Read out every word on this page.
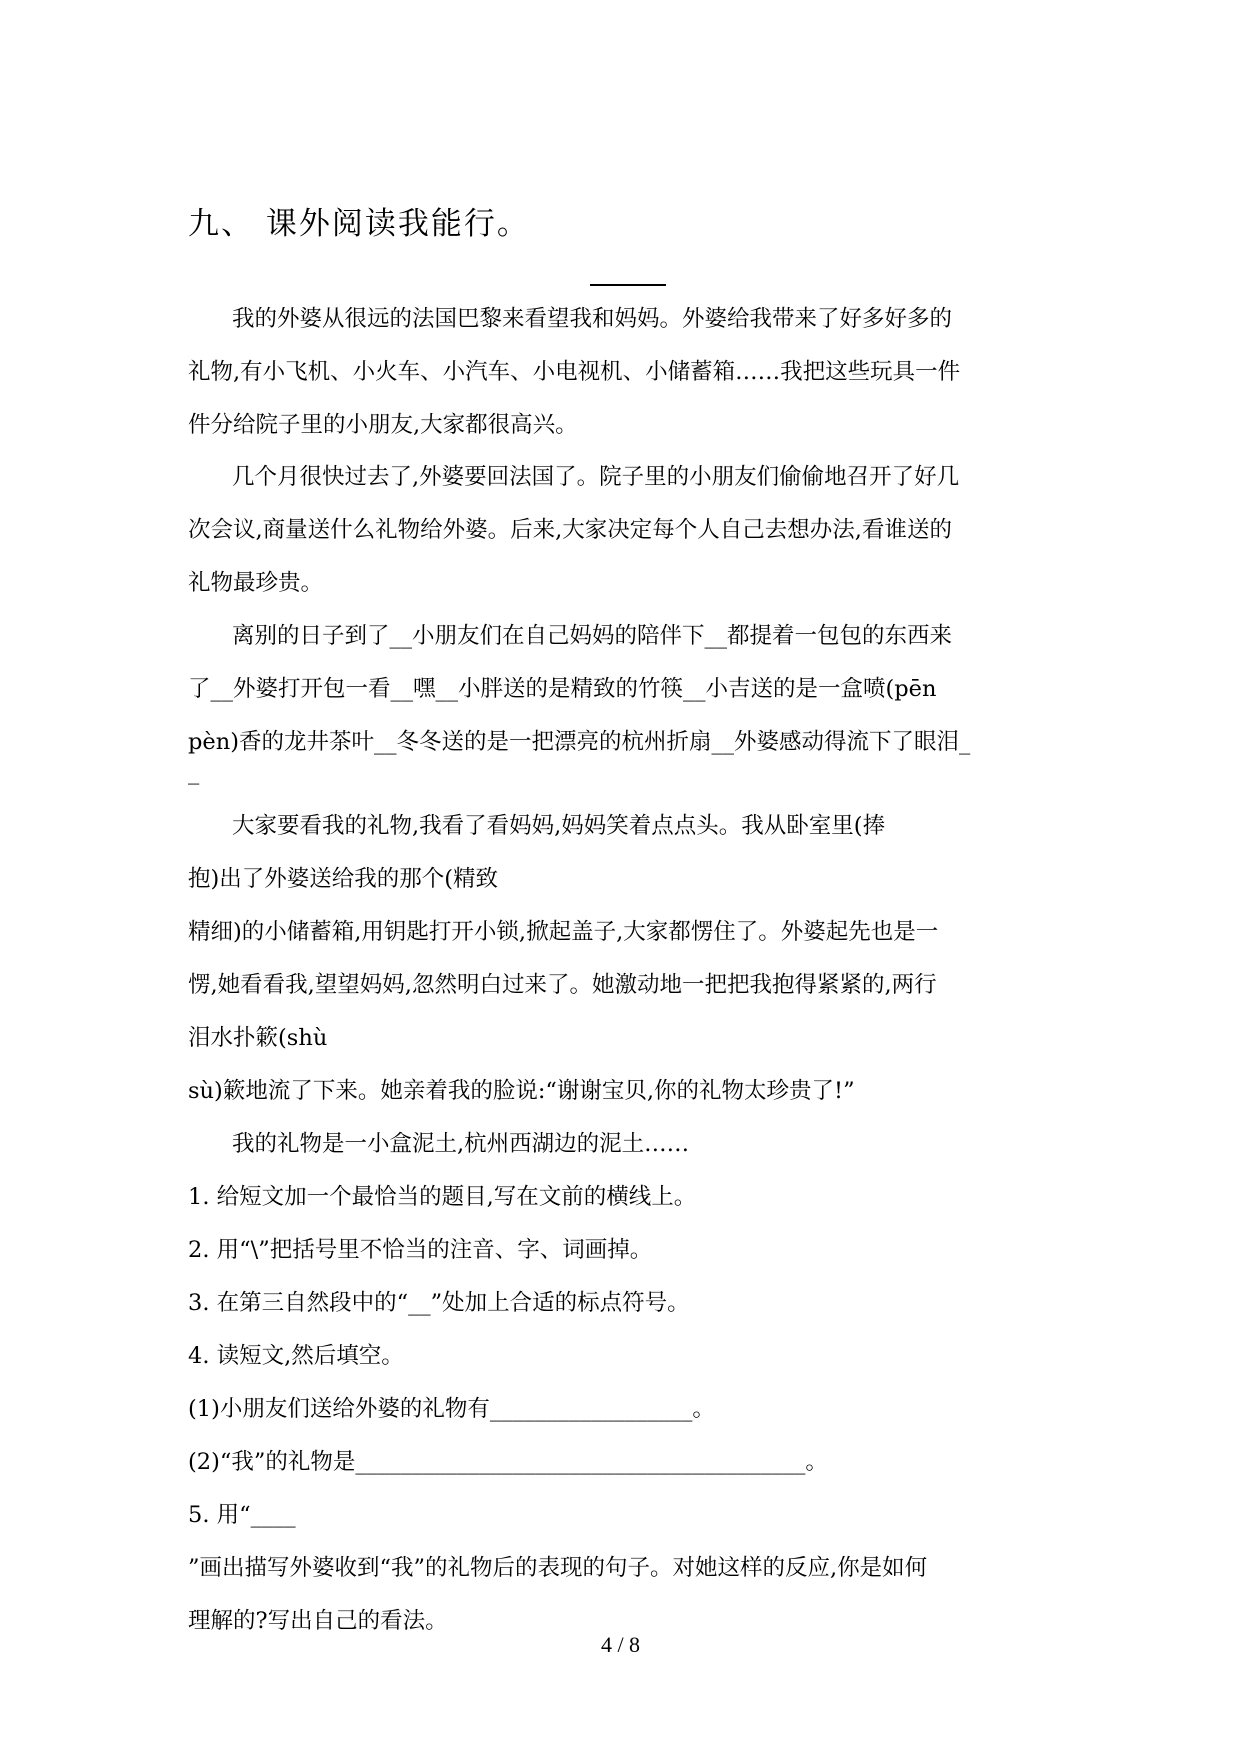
九、 课外阅读我能行。
我的外婆从很远的法国巴黎来看望我和妈妈。外婆给我带来了好多好多的
礼物,有小飞机、小火车、小汽车、小电视机、小储蓄箱……我把这些玩具一件
件分给院子里的小朋友,大家都很高兴。
几个月很快过去了,外婆要回法国了。院子里的小朋友们偷偷地召开了好几
次会议,商量送什么礼物给外婆。后来,大家决定每个人自己去想办法,看谁送的
礼物最珍贵。
离别的日子到了__小朋友们在自己妈妈的陪伴下__都提着一包包的东西来
了__外婆打开包一看__嘿__小胖送的是精致的竹筷__小吉送的是一盒喷(pēn
pèn)香的龙井茶叶__冬冬送的是一把漂亮的杭州折扇__外婆感动得流下了眼泪_
_
大家要看我的礼物,我看了看妈妈,妈妈笑着点点头。我从卧室里(捧
抱)出了外婆送给我的那个(精致
精细)的小储蓄箱,用钥匙打开小锁,掀起盖子,大家都愣住了。外婆起先也是一
愣,她看看我,望望妈妈,忽然明白过来了。她激动地一把把我抱得紧紧的,两行
泪水扑簌(shù
sù)簌地流了下来。她亲着我的脸说:“谢谢宝贝,你的礼物太珍贵了!”
我的礼物是一小盒泥土,杭州西湖边的泥土……
1. 给短文加一个最恰当的题目,写在文前的横线上。
2. 用“\”把括号里不恰当的注音、字、词画掉。
3. 在第三自然段中的“__”处加上合适的标点符号。
4. 读短文,然后填空。
(1)小朋友们送给外婆的礼物有__________________。
(2)“我”的礼物是________________________________________。
5. 用“____
”画出描写外婆收到“我”的礼物后的表现的句子。对她这样的反应,你是如何
理解的?写出自己的看法。
4 / 8
